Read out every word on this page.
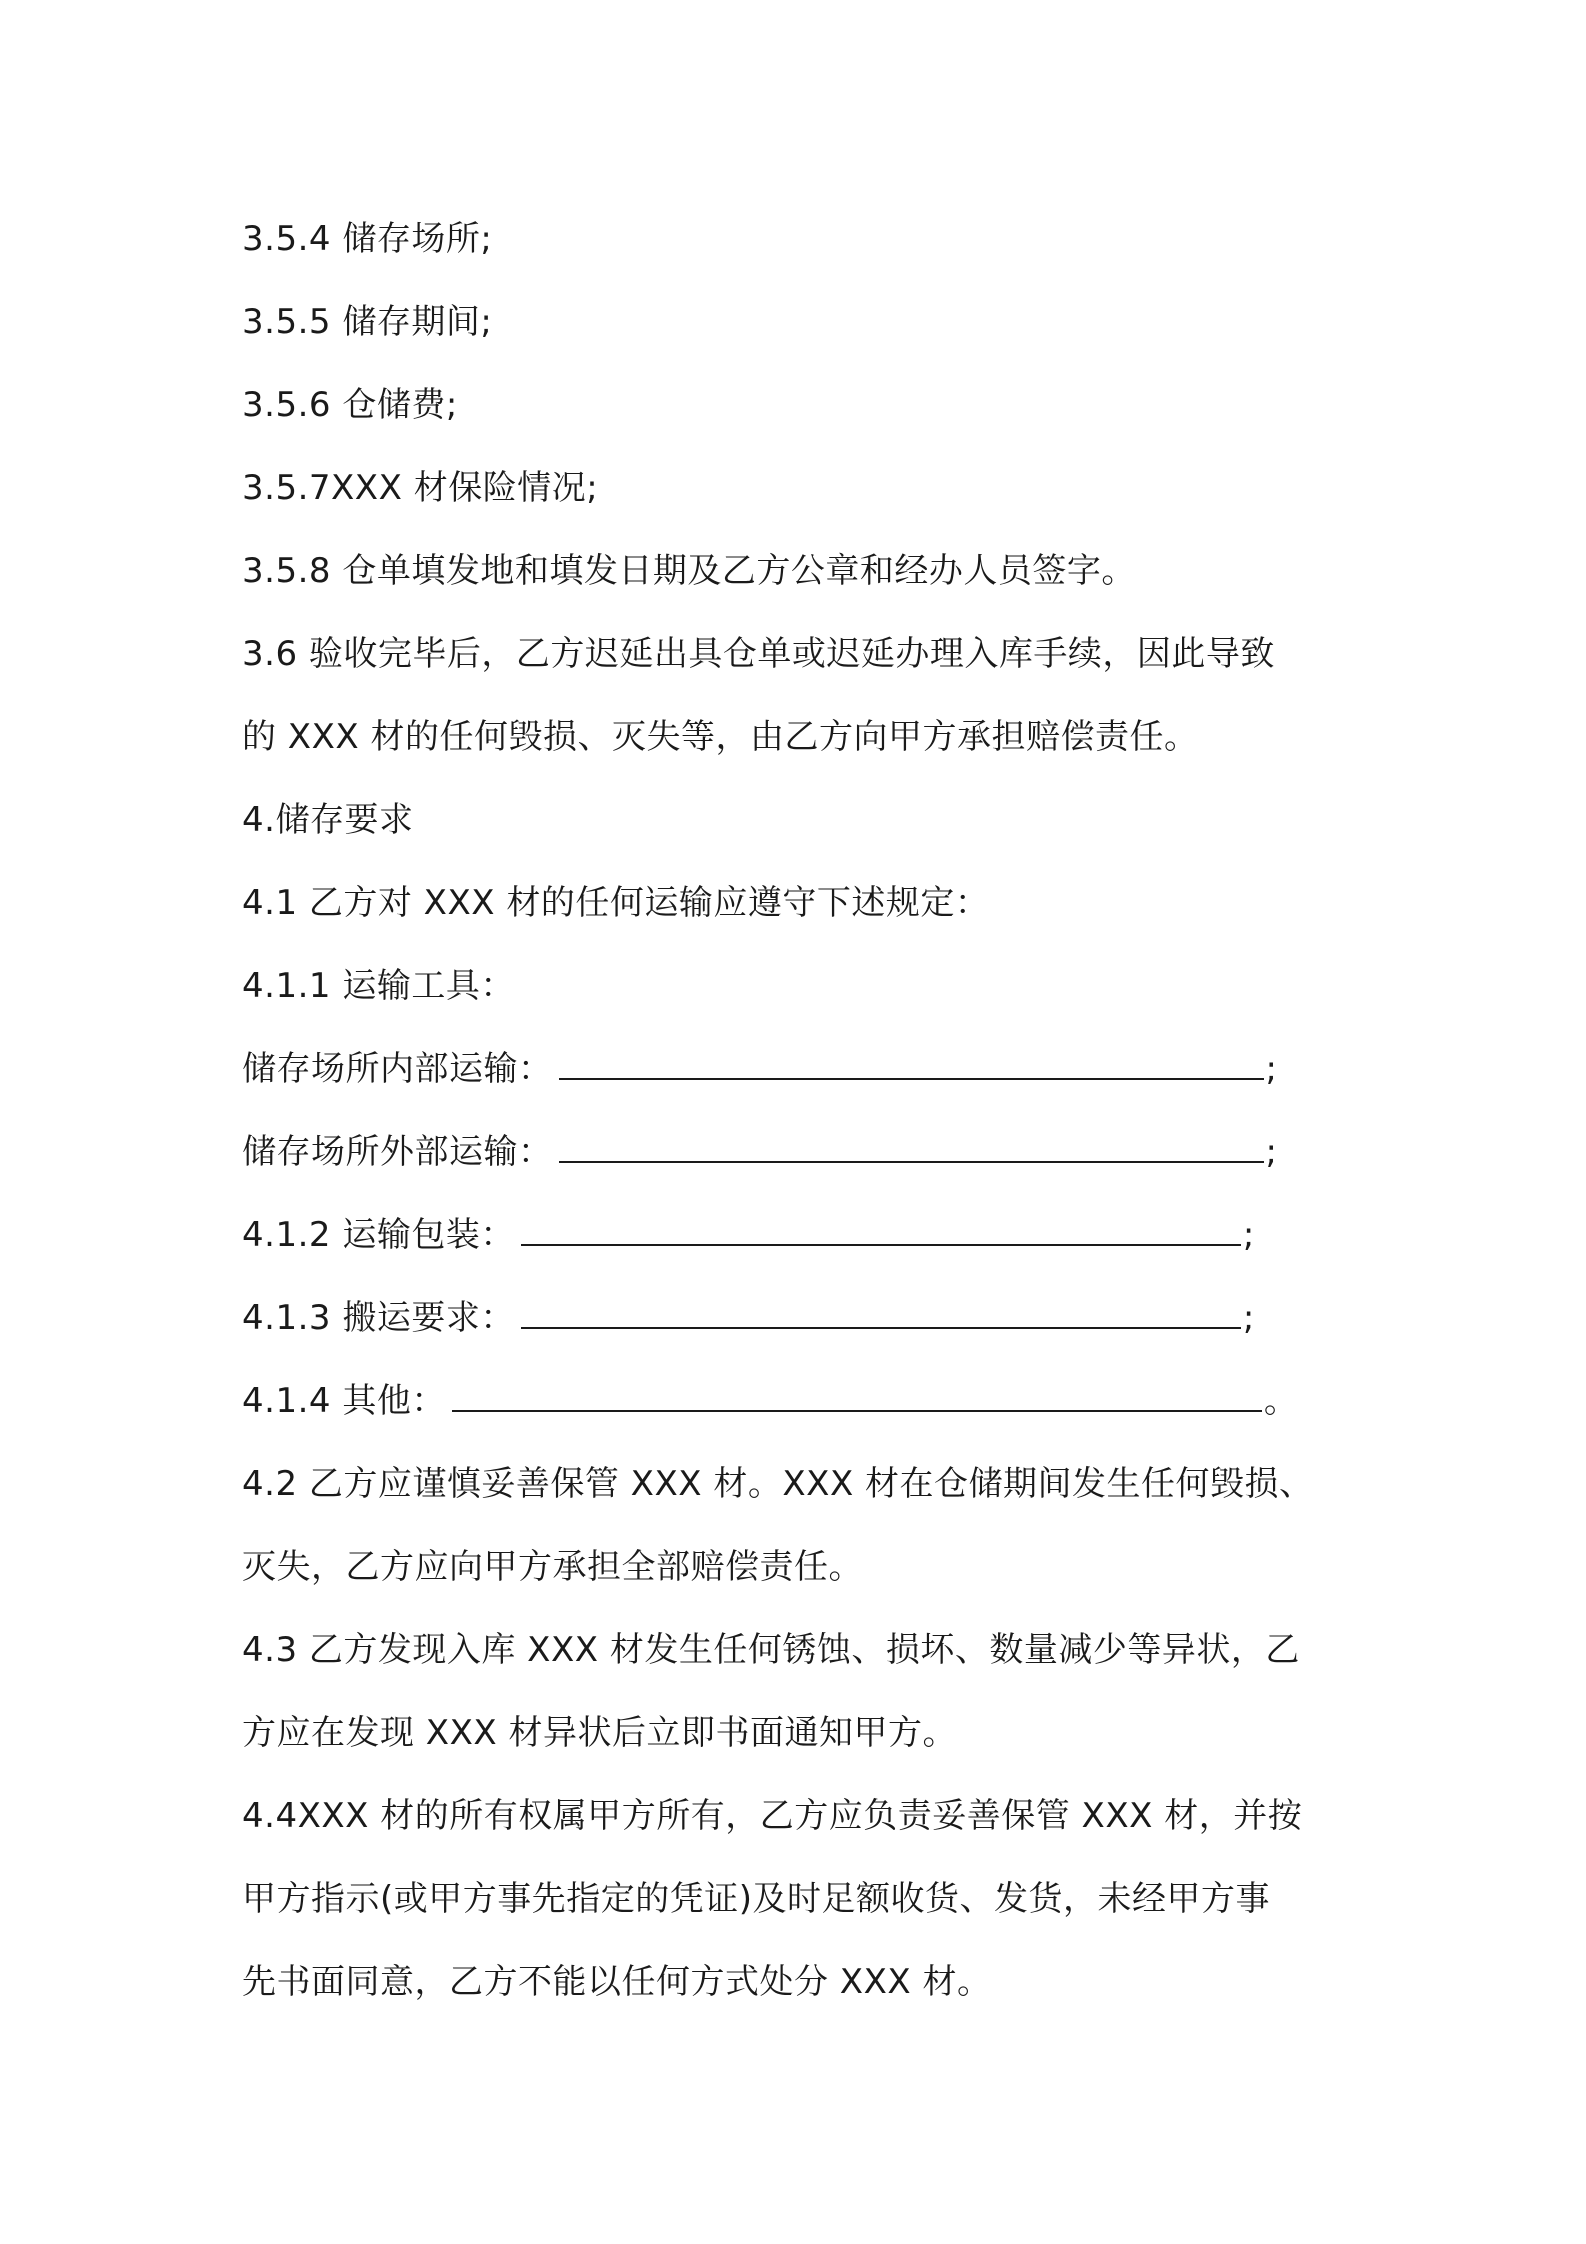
3.5.4 储存场所;
3.5.5 储存期间;
3.5.6 仓储费;
3.5.7XXX 材保险情况;
3.5.8 仓单填发地和填发日期及乙方公章和经办人员签字。
3.6 验收完毕后，乙方迟延出具仓单或迟延办理入库手续，因此导致
的 XXX 材的任何毁损、灭失等，由乙方向甲方承担赔偿责任。
4.储存要求
4.1 乙方对 XXX 材的任何运输应遵守下述规定：
4.1.1 运输工具：
储存场所内部运输：	;
储存场所外部运输：	;
4.1.2 运输包装：	;
4.1.3 搬运要求：	;
4.1.4 其他：	。
4.2 乙方应谨慎妥善保管 XXX 材。XXX 材在仓储期间发生任何毁损、
灭失，乙方应向甲方承担全部赔偿责任。
4.3 乙方发现入库 XXX 材发生任何锈蚀、损坏、数量减少等异状，乙
方应在发现 XXX 材异状后立即书面通知甲方。
4.4XXX 材的所有权属甲方所有，乙方应负责妥善保管 XXX 材，并按
甲方指示(或甲方事先指定的凭证)及时足额收货、发货，未经甲方事
先书面同意，乙方不能以任何方式处分 XXX 材。
